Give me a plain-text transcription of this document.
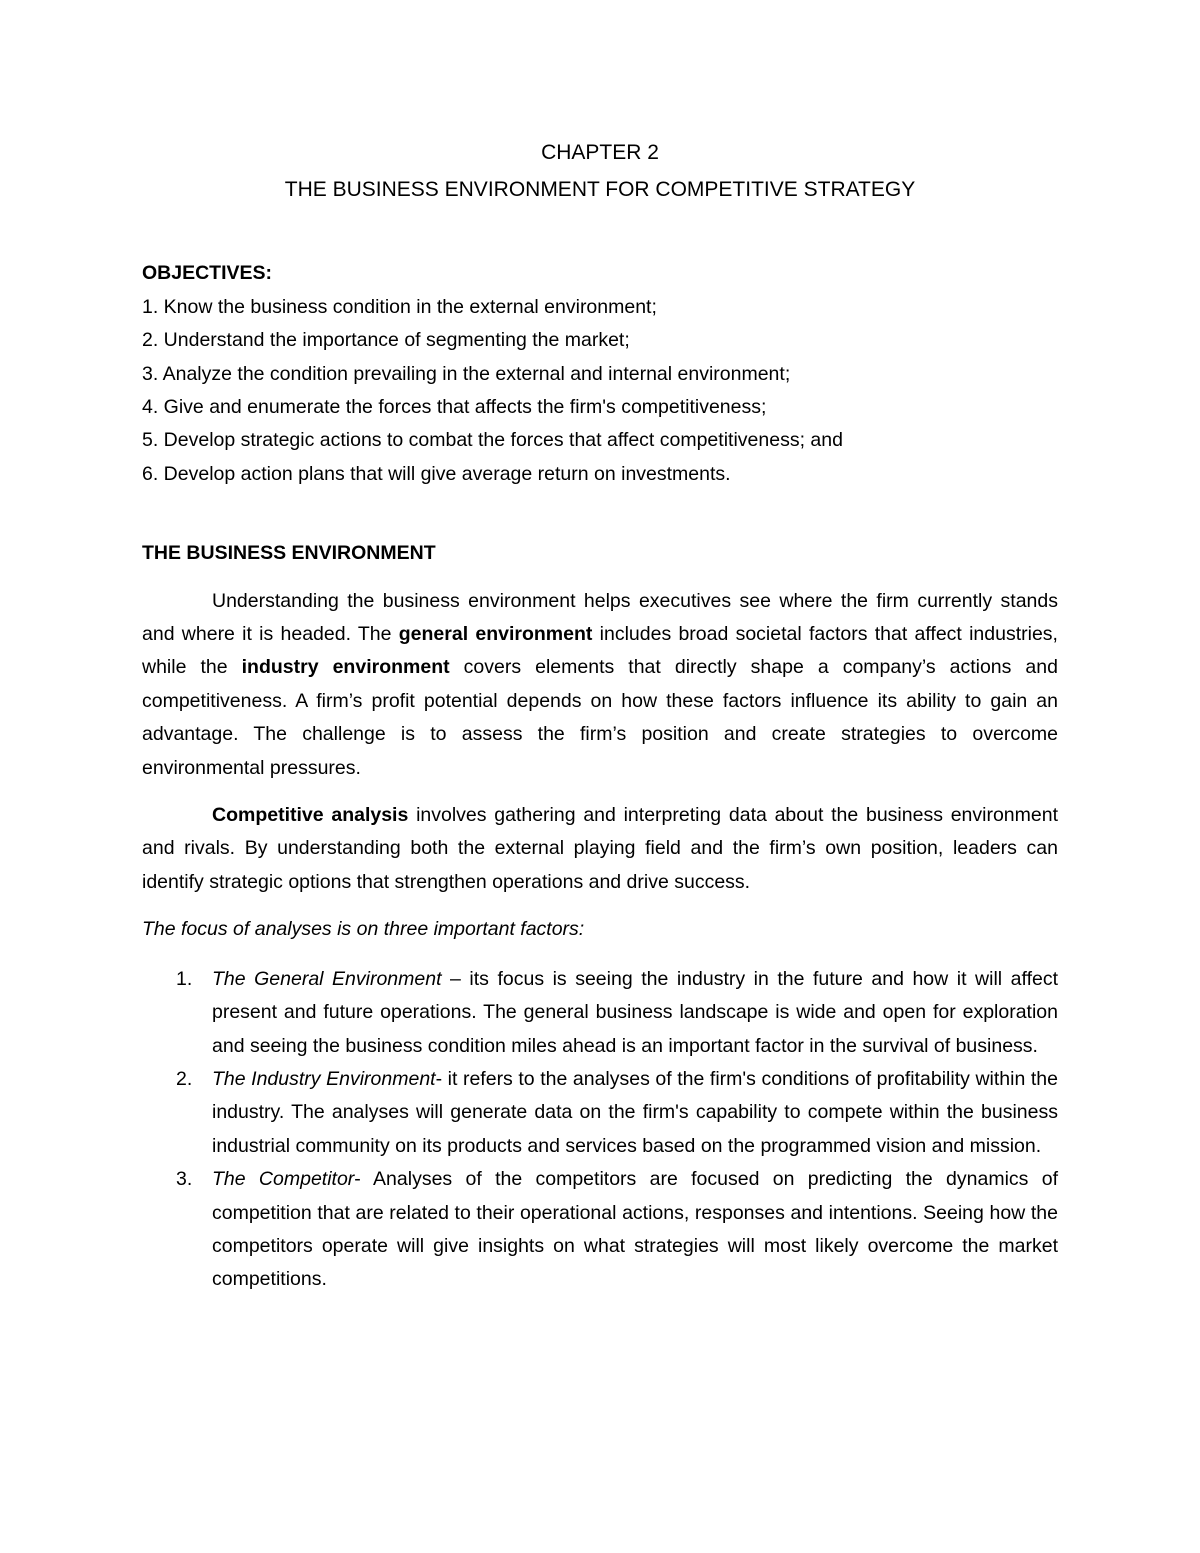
CHAPTER 2
THE BUSINESS ENVIRONMENT FOR COMPETITIVE STRATEGY
OBJECTIVES:
1. Know the business condition in the external environment;
2. Understand the importance of segmenting the market;
3. Analyze the condition prevailing in the external and internal environment;
4. Give and enumerate the forces that affects the firm's competitiveness;
5. Develop strategic actions to combat the forces that affect competitiveness; and
6. Develop action plans that will give average return on investments.
THE BUSINESS ENVIRONMENT

Understanding the business environment helps executives see where the firm currently stands and where it is headed. The general environment includes broad societal factors that affect industries, while the industry environment covers elements that directly shape a company’s actions and competitiveness. A firm’s profit potential depends on how these factors influence its ability to gain an advantage. The challenge is to assess the firm’s position and create strategies to overcome environmental pressures.

Competitive analysis involves gathering and interpreting data about the business environment and rivals. By understanding both the external playing field and the firm’s own position, leaders can identify strategic options that strengthen operations and drive success.

The focus of analyses is on three important factors:
1. The General Environment – its focus is seeing the industry in the future and how it will affect present and future operations. The general business landscape is wide and open for exploration and seeing the business condition miles ahead is an important factor in the survival of business.
2. The Industry Environment- it refers to the analyses of the firm's conditions of profitability within the industry. The analyses will generate data on the firm's capability to compete within the business industrial community on its products and services based on the programmed vision and mission.
3. The Competitor- Analyses of the competitors are focused on predicting the dynamics of competition that are related to their operational actions, responses and intentions. Seeing how the competitors operate will give insights on what strategies will most likely overcome the market competitions.
